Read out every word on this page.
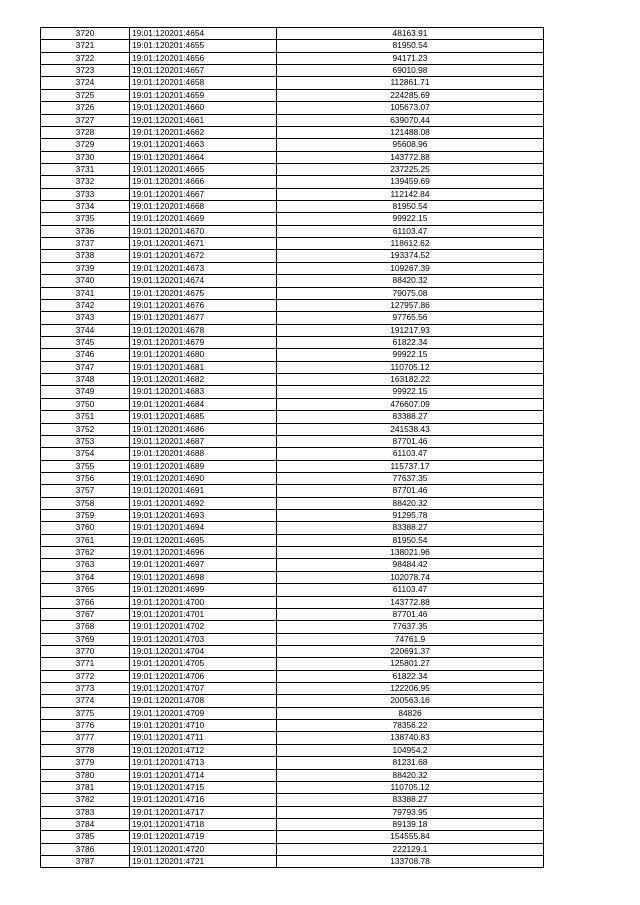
3720	19:01:120201:4654	48163.91
3721	19:01:120201:4655	81950.54
3722	19:01:120201:4656	94171.23
3723	19:01:120201:4657	69010.98
3724	19:01:120201:4658	112861.71
3725	19:01:120201:4659	224285.69
3726	19:01:120201:4660	105673.07
3727	19:01:120201:4661	639070.44
3728	19:01:120201:4662	121488.08
3729	19:01:120201:4663	95608.96
3730	19:01:120201:4664	143772.88
3731	19:01:120201:4665	237225.25
3732	19:01:120201:4666	139459.69
3733	19:01:120201:4667	112142.84
3734	19:01:120201:4668	81950.54
3735	19:01:120201:4669	99922.15
3736	19:01:120201:4670	61103.47
3737	19:01:120201:4671	118612.62
3738	19:01:120201:4672	193374.52
3739	19:01:120201:4673	109267.39
3740	19:01:120201:4674	88420.32
3741	19:01:120201:4675	79075.08
3742	19:01:120201:4676	127957.86
3743	19:01:120201:4677	97765.56
3744	19:01:120201:4678	191217.93
3745	19:01:120201:4679	61822.34
3746	19:01:120201:4680	99922.15
3747	19:01:120201:4681	110705.12
3748	19:01:120201:4682	163182.22
3749	19:01:120201:4683	99922.15
3750	19:01:120201:4684	476607.09
3751	19:01:120201:4685	83388.27
3752	19:01:120201:4686	241538.43
3753	19:01:120201:4687	87701.46
3754	19:01:120201:4688	61103.47
3755	19:01:120201:4689	115737.17
3756	19:01:120201:4690	77637.35
3757	19:01:120201:4691	87701.46
3758	19:01:120201:4692	88420.32
3759	19:01:120201:4693	91295.78
3760	19:01:120201:4694	83388.27
3761	19:01:120201:4695	81950.54
3762	19:01:120201:4696	138021.96
3763	19:01:120201:4697	98484.42
3764	19:01:120201:4698	102078.74
3765	19:01:120201:4699	61103.47
3766	19:01:120201:4700	143772.88
3767	19:01:120201:4701	87701.46
3768	19:01:120201:4702	77637.35
3769	19:01:120201:4703	74761.9
3770	19:01:120201:4704	220691.37
3771	19:01:120201:4705	125801.27
3772	19:01:120201:4706	61822.34
3773	19:01:120201:4707	122206.95
3774	19:01:120201:4708	200563.16
3775	19:01:120201:4709	84826
3776	19:01:120201:4710	78356.22
3777	19:01:120201:4711	138740.83
3778	19:01:120201:4712	104954.2
3779	19:01:120201:4713	81231.68
3780	19:01:120201:4714	88420.32
3781	19:01:120201:4715	110705.12
3782	19:01:120201:4716	83388.27
3783	19:01:120201:4717	79793.95
3784	19:01:120201:4718	89139.18
3785	19:01:120201:4719	154555.84
3786	19:01:120201:4720	222129.1
3787	19:01:120201:4721	133708.78
